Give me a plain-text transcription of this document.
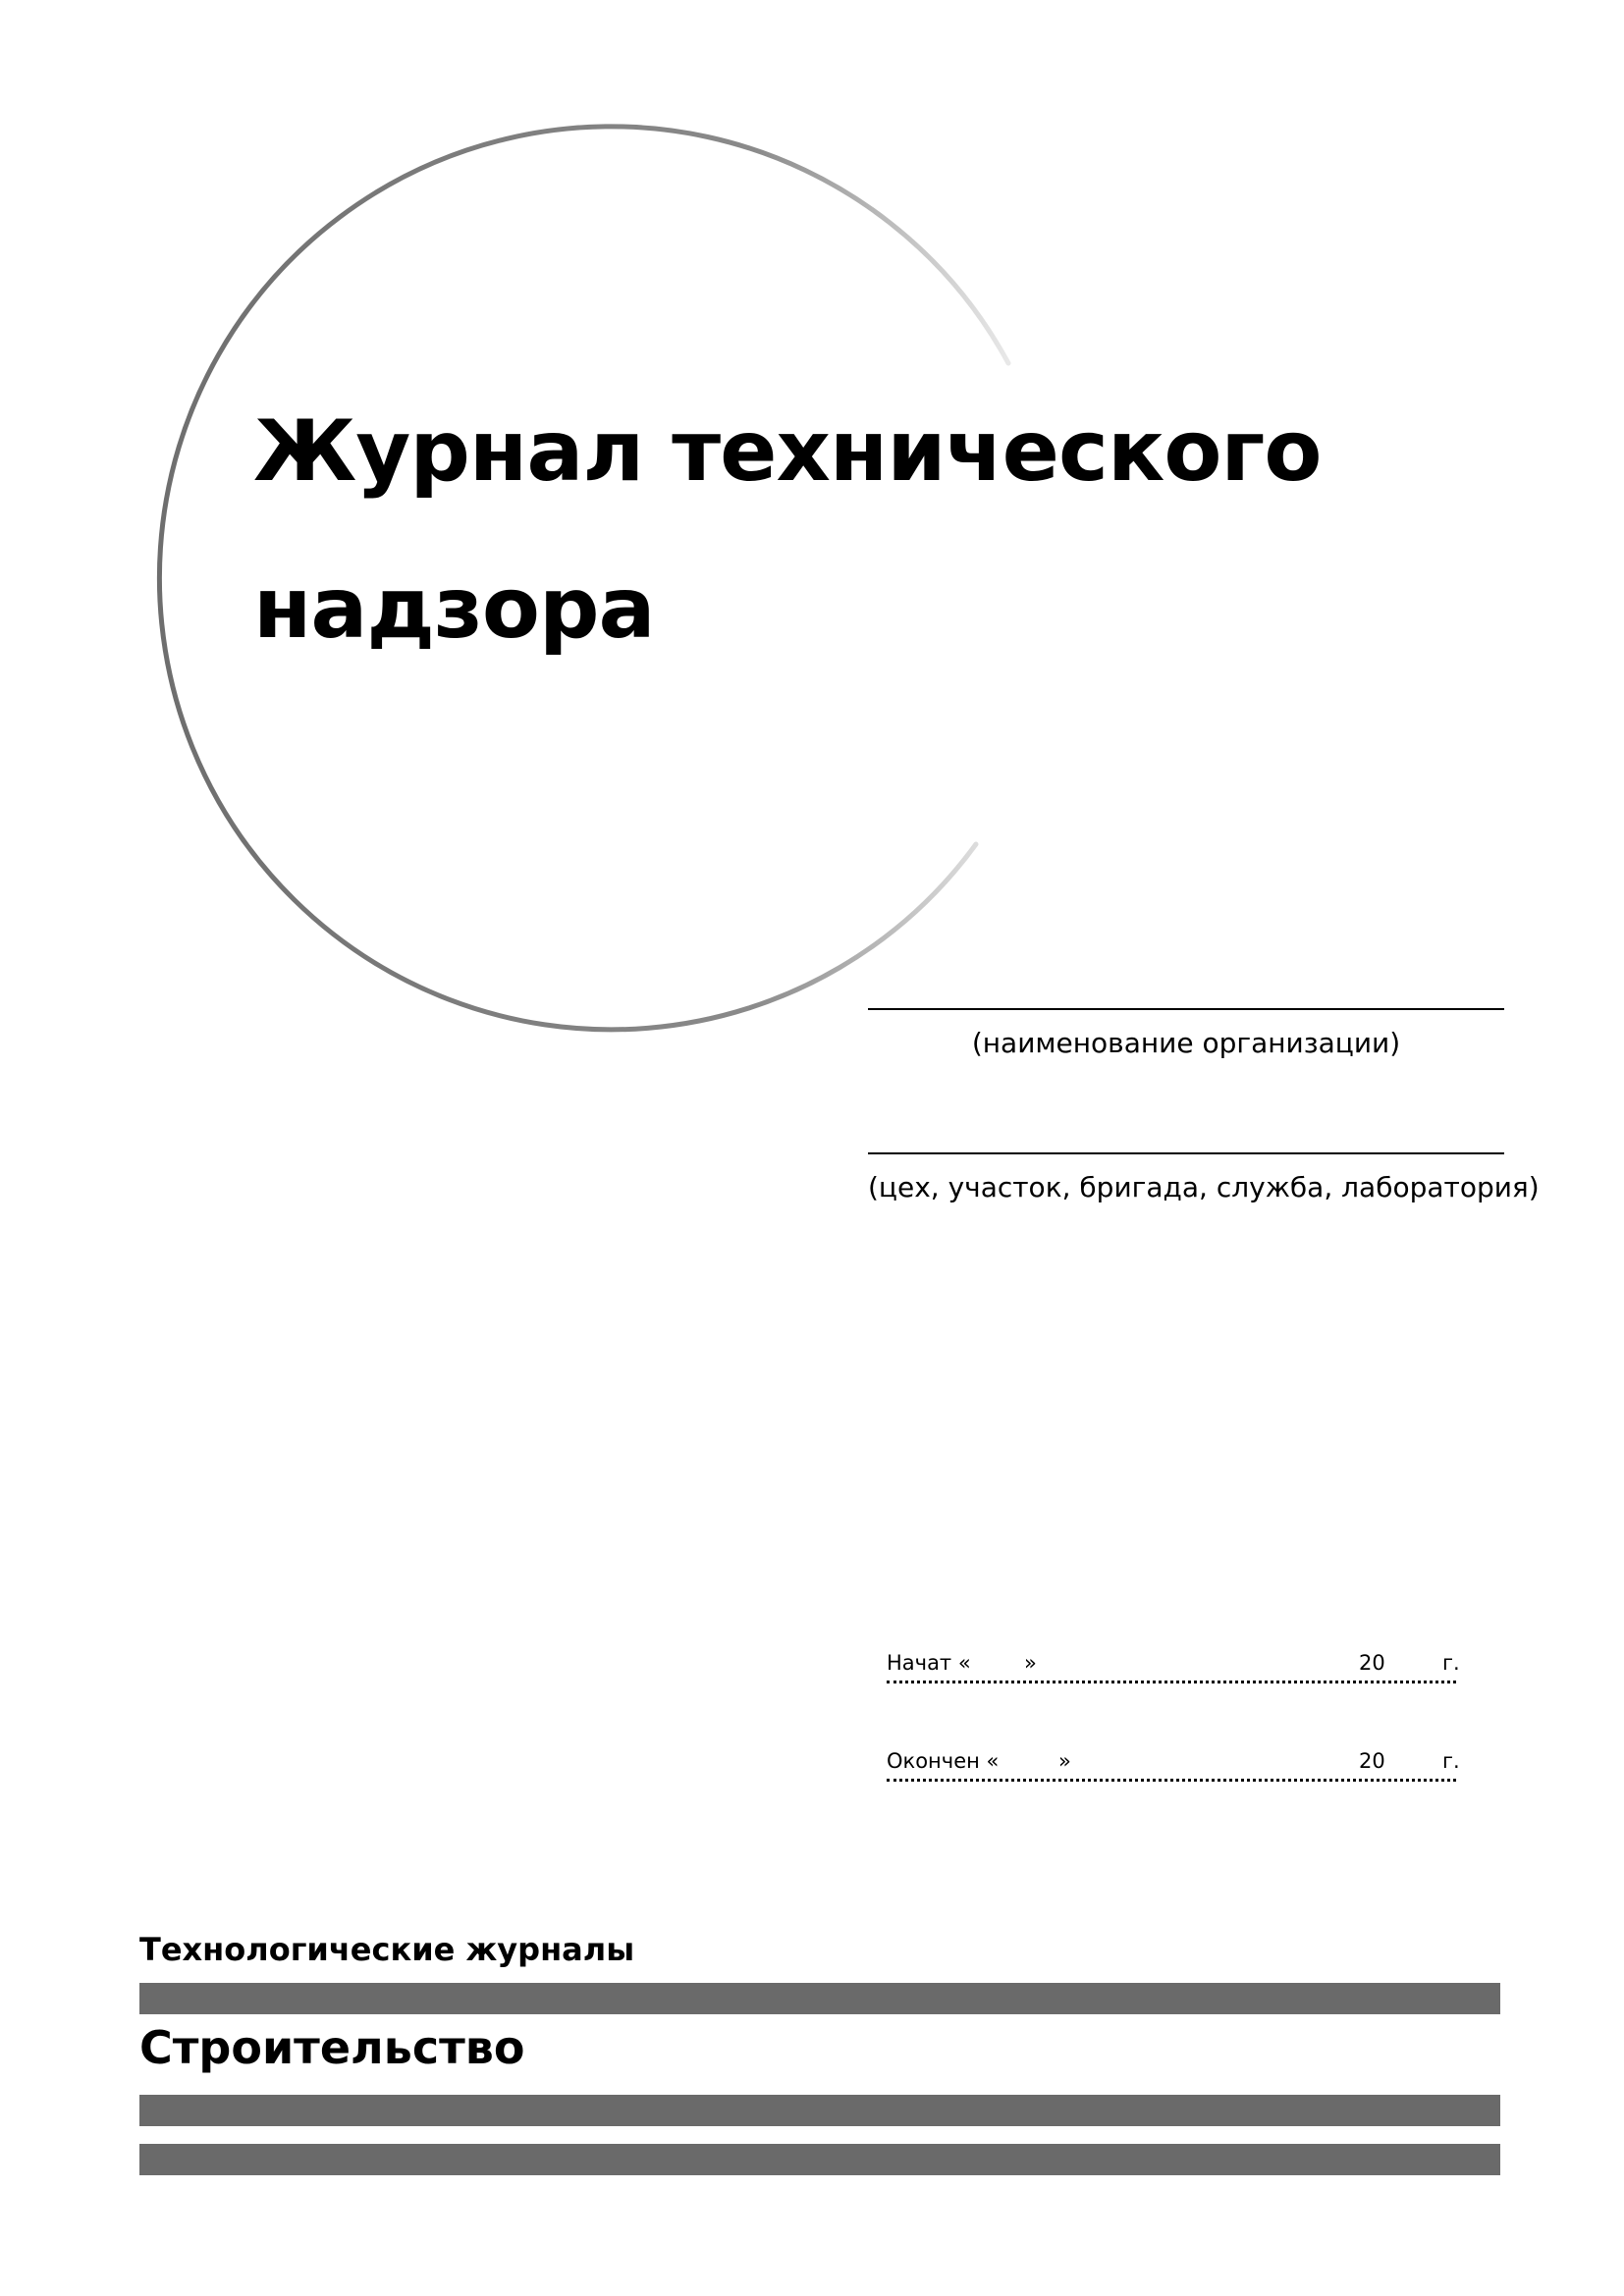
Журнал технического
надзора
(наименование организации)
(цех, участок, бригада, служба, лаборатория)
Начат «	»	20	г.
Окончен «	»	20	г.
Технологические журналы
Строительство
